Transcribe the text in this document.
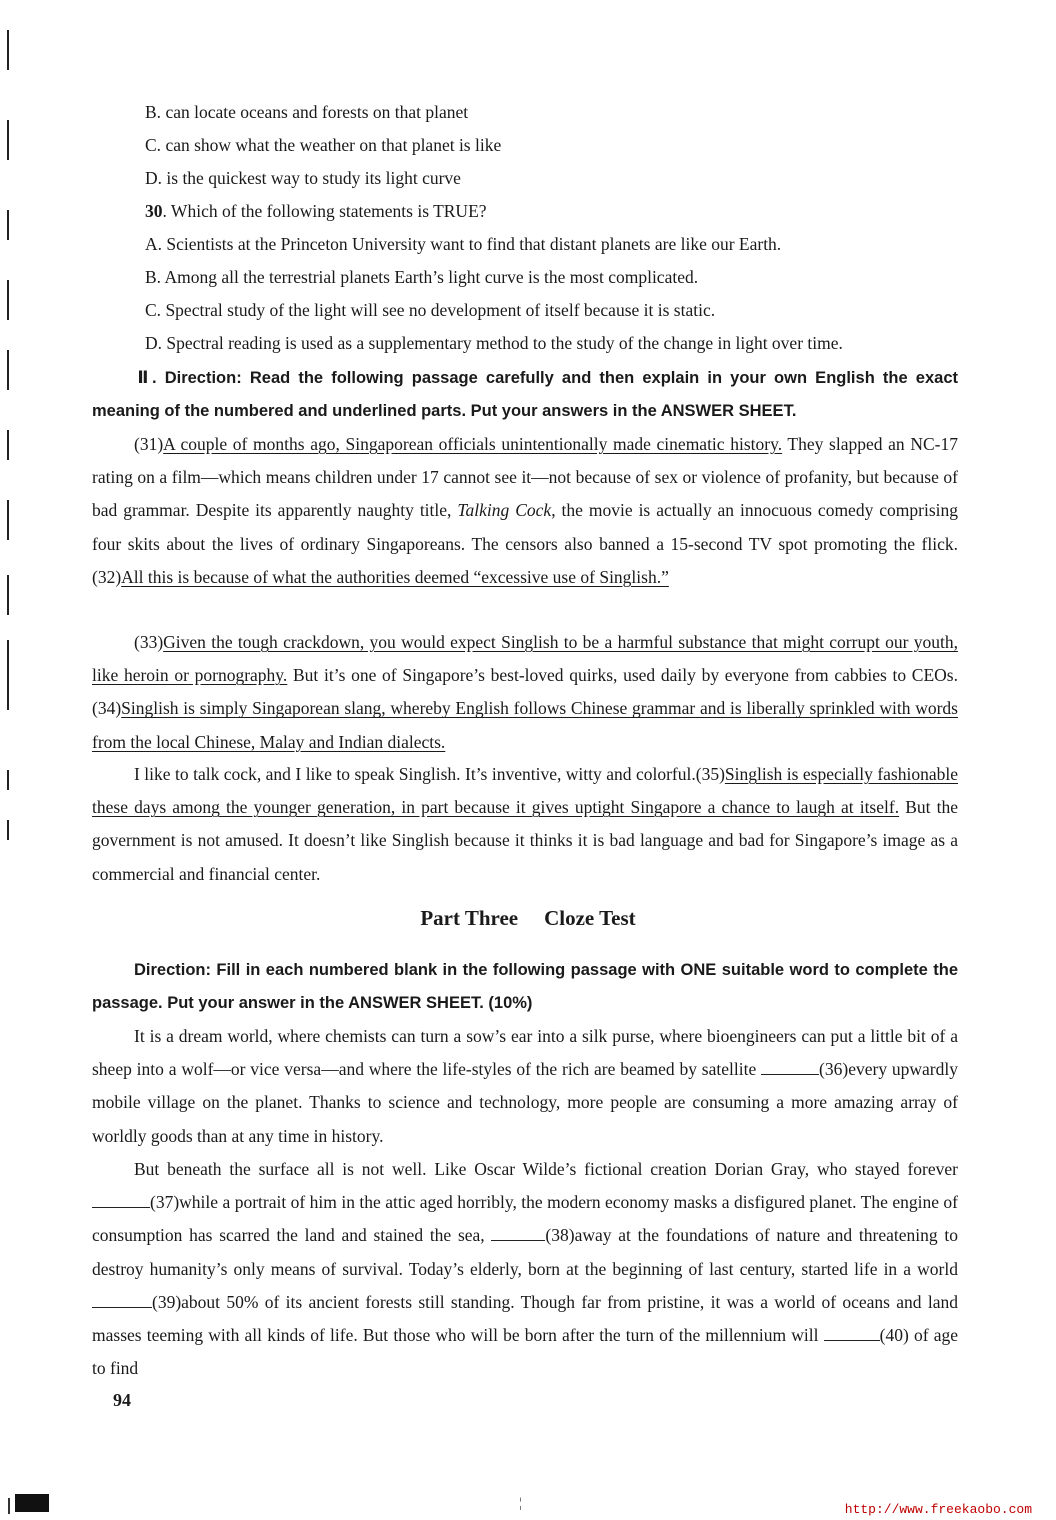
B. can locate oceans and forests on that planet
C. can show what the weather on that planet is like
D. is the quickest way to study its light curve
30. Which of the following statements is TRUE?
A. Scientists at the Princeton University want to find that distant planets are like our Earth.
B. Among all the terrestrial planets Earth’s light curve is the most complicated.
C. Spectral study of the light will see no development of itself because it is static.
D. Spectral reading is used as a supplementary method to the study of the change in light over time.
Ⅱ. Direction: Read the following passage carefully and then explain in your own English the exact meaning of the numbered and underlined parts. Put your answers in the ANSWER SHEET.
(31)A couple of months ago, Singaporean officials unintentionally made cinematic history. They slapped an NC-17 rating on a film—which means children under 17 cannot see it—not because of sex or violence of profanity, but because of bad grammar. Despite its apparently naughty title, Talking Cock, the movie is actually an innocuous comedy comprising four skits about the lives of ordinary Singaporeans. The censors also banned a 15-second TV spot promoting the flick.(32)All this is because of what the authorities deemed “excessive use of Singlish.”
(33)Given the tough crackdown, you would expect Singlish to be a harmful substance that might corrupt our youth, like heroin or pornography. But it’s one of Singapore’s best-loved quirks, used daily by everyone from cabbies to CEOs.(34)Singlish is simply Singaporean slang, whereby English follows Chinese grammar and is liberally sprinkled with words from the local Chinese, Malay and Indian dialects.
I like to talk cock, and I like to speak Singlish. It’s inventive, witty and colorful.(35)Singlish is especially fashionable these days among the younger generation, in part because it gives uptight Singapore a chance to laugh at itself. But the government is not amused. It doesn’t like Singlish because it thinks it is bad language and bad for Singapore’s image as a commercial and financial center.
Part Three Cloze Test
Direction: Fill in each numbered blank in the following passage with ONE suitable word to complete the passage. Put your answer in the ANSWER SHEET. (10%)
It is a dream world, where chemists can turn a sow’s ear into a silk purse, where bioengineers can put a little bit of a sheep into a wolf—or vice versa—and where the life-styles of the rich are beamed by satellite	(36)every upwardly mobile village on the planet. Thanks to science and technology, more people are consuming a more amazing array of worldly goods than at any time in history.
But beneath the surface all is not well. Like Oscar Wilde’s fictional creation Dorian Gray, who stayed forever (37)while a portrait of him in the attic aged horribly, the modern economy masks a disfigured planet. The engine of consumption has scarred the land and stained the sea,	(38)away at the foundations of nature and threatening to destroy humanity’s only means of survival. Today’s elderly, born at the beginning of last century, started life in a world (39)about 50% of its ancient forests still standing. Though far from pristine, it was a world of oceans and land masses teeming with all kinds of life. But those who will be born after the turn of the millennium will	(40) of age to find
94
¦	http://www.freekaobo.com
